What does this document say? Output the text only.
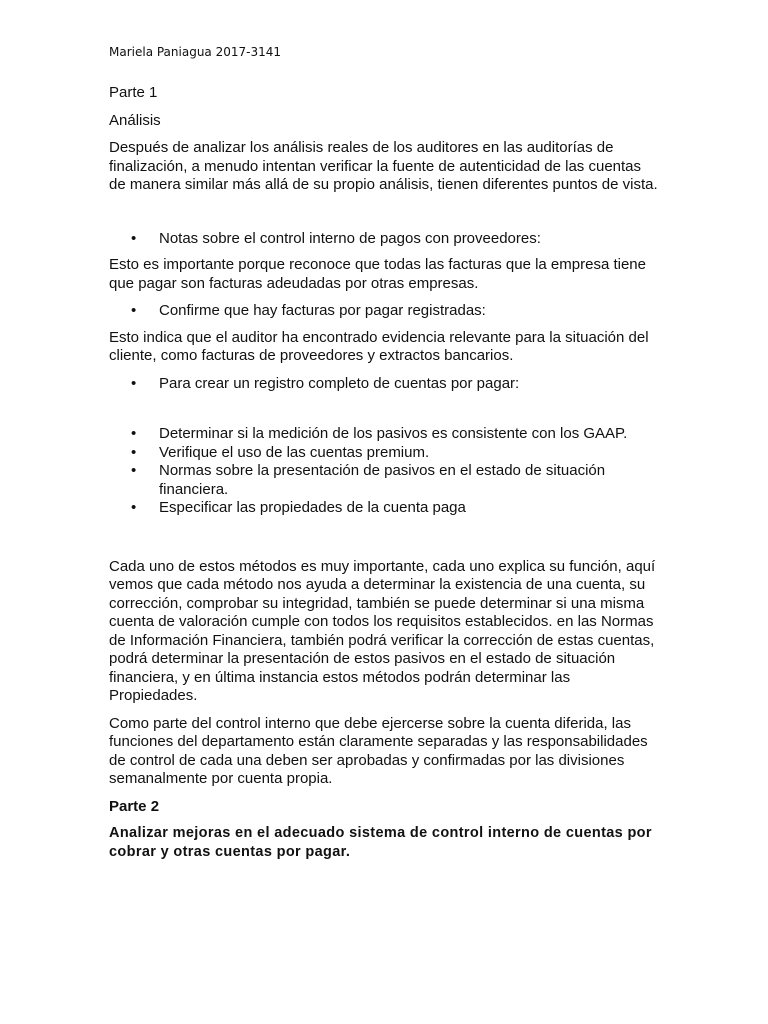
Mariela Paniagua 2017-3141
Parte 1
Análisis

Después de analizar los análisis reales de los auditores en las auditorías de finalización, a menudo intentan verificar la fuente de autenticidad de las cuentas de manera similar más allá de su propio análisis, tienen diferentes puntos de vista.

• Notas sobre el control interno de pagos con proveedores:

Esto es importante porque reconoce que todas las facturas que la empresa tiene que pagar son facturas adeudadas por otras empresas.

• Confirme que hay facturas por pagar registradas:

Esto indica que el auditor ha encontrado evidencia relevante para la situación del cliente, como facturas de proveedores y extractos bancarios.

• Para crear un registro completo de cuentas por pagar:
• Determinar si la medición de los pasivos es consistente con los GAAP.
• Verifique el uso de las cuentas premium.
• Normas sobre la presentación de pasivos en el estado de situación financiera.
• Especificar las propiedades de la cuenta paga

Cada uno de estos métodos es muy importante, cada uno explica su función, aquí vemos que cada método nos ayuda a determinar la existencia de una cuenta, su corrección, comprobar su integridad, también se puede determinar si una misma cuenta de valoración cumple con todos los requisitos establecidos. en las Normas de Información Financiera, también podrá verificar la corrección de estas cuentas, podrá determinar la presentación de estos pasivos en el estado de situación financiera, y en última instancia estos métodos podrán determinar las Propiedades.

Como parte del control interno que debe ejercerse sobre la cuenta diferida, las funciones del departamento están claramente separadas y las responsabilidades de control de cada una deben ser aprobadas y confirmadas por las divisiones semanalmente por cuenta propia.

Parte 2
Analizar mejoras en el adecuado sistema de control interno de cuentas por cobrar y otras cuentas por pagar.
